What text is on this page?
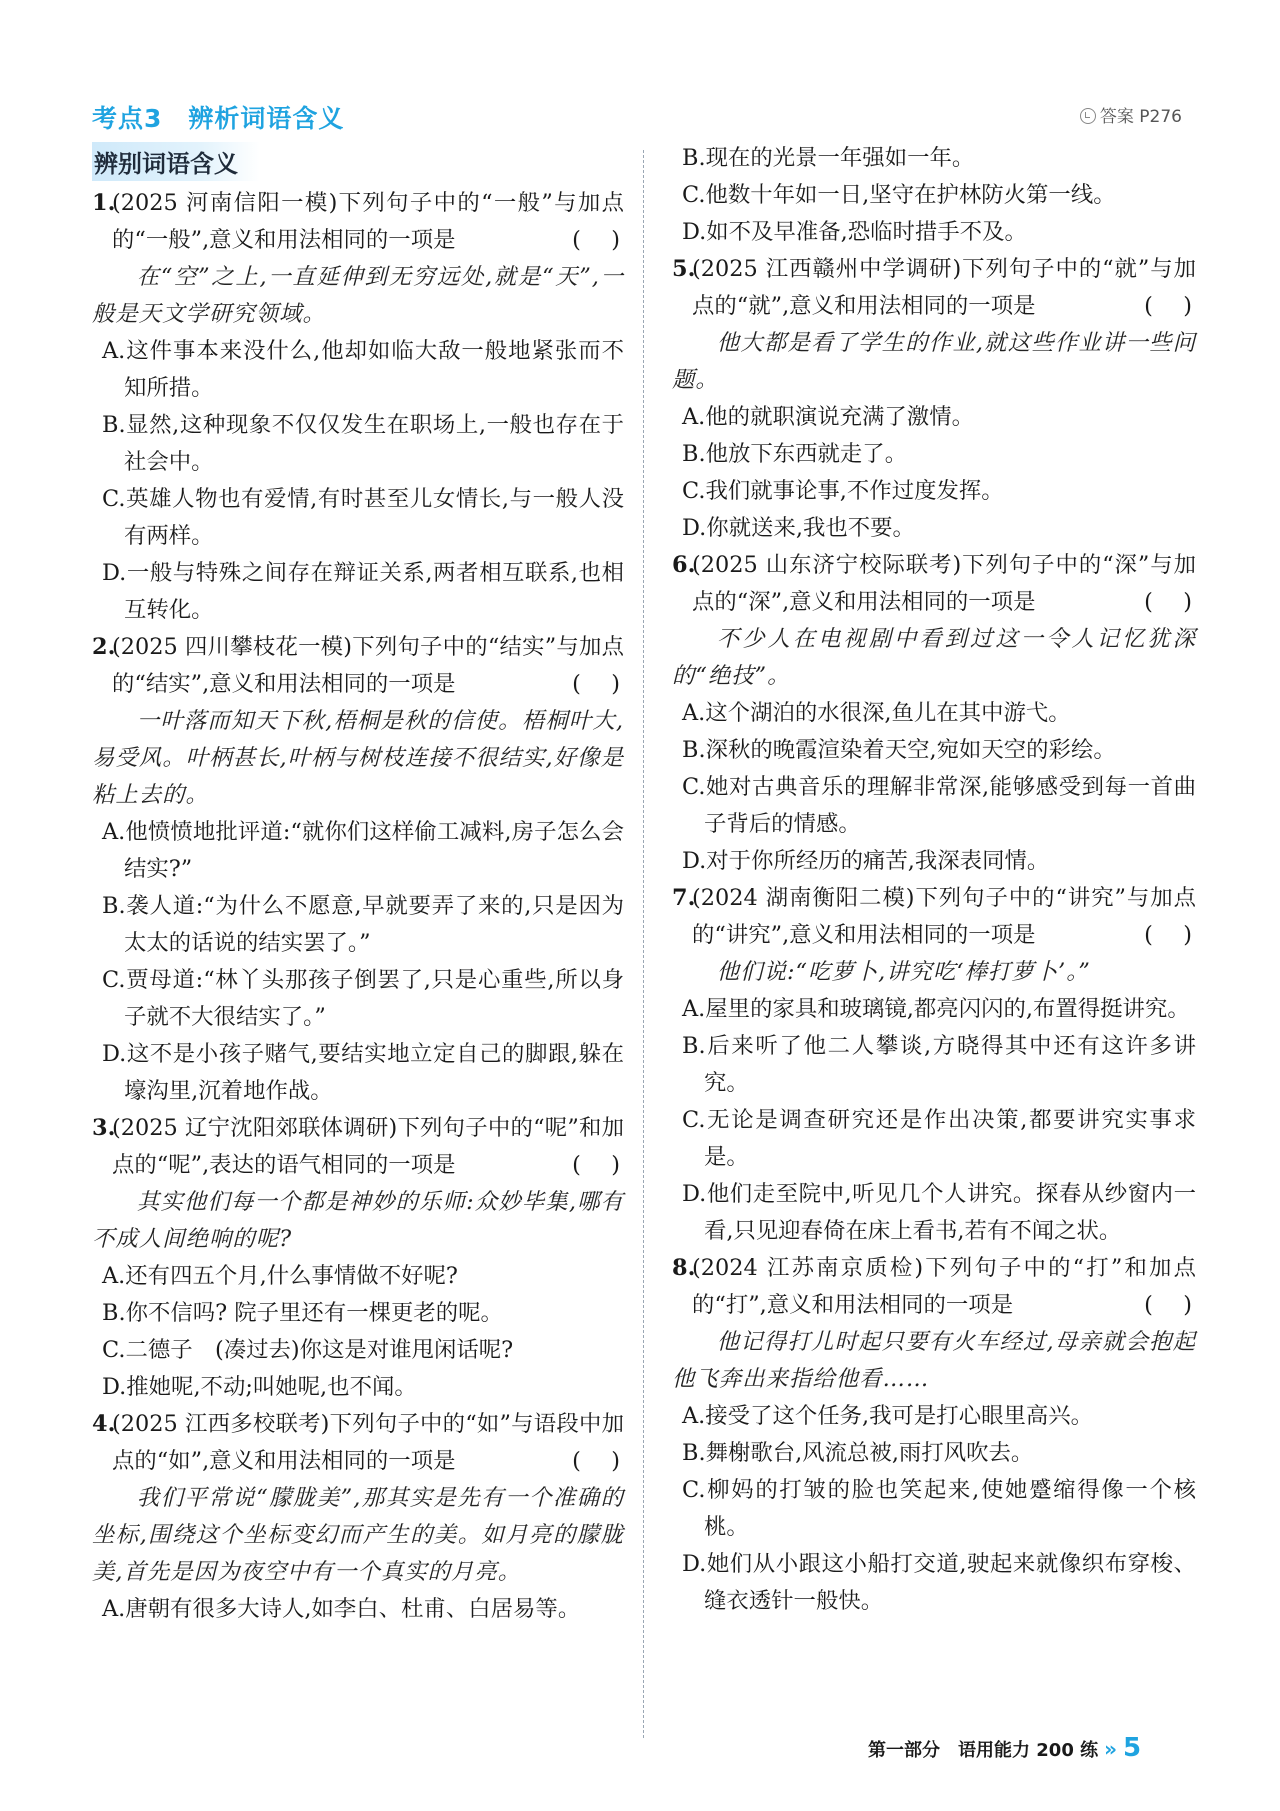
考点3　辨析词语含义	答案 P276
辨别词语含义
1.
(2025 河南信阳一模)下列句子中的“一般”与加点的“一般”,意义和用法相同的一项是	(　)
在“空”之上,一直延伸到无穷远处,就是“天”,一般是天文学研究领域。
A.这件事本来没什么,他却如临大敌一般地紧张而不知所措。
B.显然,这种现象不仅仅发生在职场上,一般也存在于社会中。
C.英雄人物也有爱情,有时甚至儿女情长,与一般人没有两样。
D.一般与特殊之间存在辩证关系,两者相互联系,也相互转化。
2.
(2025 四川攀枝花一模)下列句子中的“结实”与加点的“结实”,意义和用法相同的一项是	(　)
一叶落而知天下秋,梧桐是秋的信使。梧桐叶大,易受风。叶柄甚长,叶柄与树枝连接不很结实,好像是粘上去的。
A.他愤愤地批评道:“就你们这样偷工减料,房子怎么会结实?”
B.袭人道:“为什么不愿意,早就要弄了来的,只是因为太太的话说的结实罢了。”
C.贾母道:“林丫头那孩子倒罢了,只是心重些,所以身子就不大很结实了。”
D.这不是小孩子赌气,要结实地立定自己的脚跟,躲在壕沟里,沉着地作战。
3.
(2025 辽宁沈阳郊联体调研)下列句子中的“呢”和加点的“呢”,表达的语气相同的一项是	(　)
其实他们每一个都是神妙的乐师:众妙毕集,哪有不成人间绝响的呢?
A.还有四五个月,什么事情做不好呢?
B.你不信吗? 院子里还有一棵更老的呢。
C.二德子　(凑过去)你这是对谁甩闲话呢?
D.推她呢,不动;叫她呢,也不闻。
4.
(2025 江西多校联考)下列句子中的“如”与语段中加点的“如”,意义和用法相同的一项是	(　)
我们平常说“朦胧美”,那其实是先有一个准确的坐标,围绕这个坐标变幻而产生的美。如月亮的朦胧美,首先是因为夜空中有一个真实的月亮。
A.唐朝有很多大诗人,如李白、杜甫、白居易等。
B.现在的光景一年强如一年。
C.他数十年如一日,坚守在护林防火第一线。
D.如不及早准备,恐临时措手不及。
5.
(2025 江西赣州中学调研)下列句子中的“就”与加点的“就”,意义和用法相同的一项是	(　)
他大都是看了学生的作业,就这些作业讲一些问题。
A.他的就职演说充满了激情。
B.他放下东西就走了。
C.我们就事论事,不作过度发挥。
D.你就送来,我也不要。
6.
(2025 山东济宁校际联考)下列句子中的“深”与加点的“深”,意义和用法相同的一项是	(　)
不少人在电视剧中看到过这一令人记忆犹深的“绝技”。
A.这个湖泊的水很深,鱼儿在其中游弋。
B.深秋的晚霞渲染着天空,宛如天空的彩绘。
C.她对古典音乐的理解非常深,能够感受到每一首曲子背后的情感。
D.对于你所经历的痛苦,我深表同情。
7.
(2024 湖南衡阳二模)下列句子中的“讲究”与加点的“讲究”,意义和用法相同的一项是	(　)
他们说:“吃萝卜,讲究吃‘棒打萝卜’。”
A.屋里的家具和玻璃镜,都亮闪闪的,布置得挺讲究。
B.后来听了他二人攀谈,方晓得其中还有这许多讲究。
C.无论是调查研究还是作出决策,都要讲究实事求是。
D.他们走至院中,听见几个人讲究。探春从纱窗内一看,只见迎春倚在床上看书,若有不闻之状。
8.
(2024 江苏南京质检)下列句子中的“打”和加点的“打”,意义和用法相同的一项是	(　)
他记得打儿时起只要有火车经过,母亲就会抱起他飞奔出来指给他看……
A.接受了这个任务,我可是打心眼里高兴。
B.舞榭歌台,风流总被,雨打风吹去。
C.柳妈的打皱的脸也笑起来,使她蹙缩得像一个核桃。
D.她们从小跟这小船打交道,驶起来就像织布穿梭、缝衣透针一般快。
第一部分　语用能力 200 练 » 5
